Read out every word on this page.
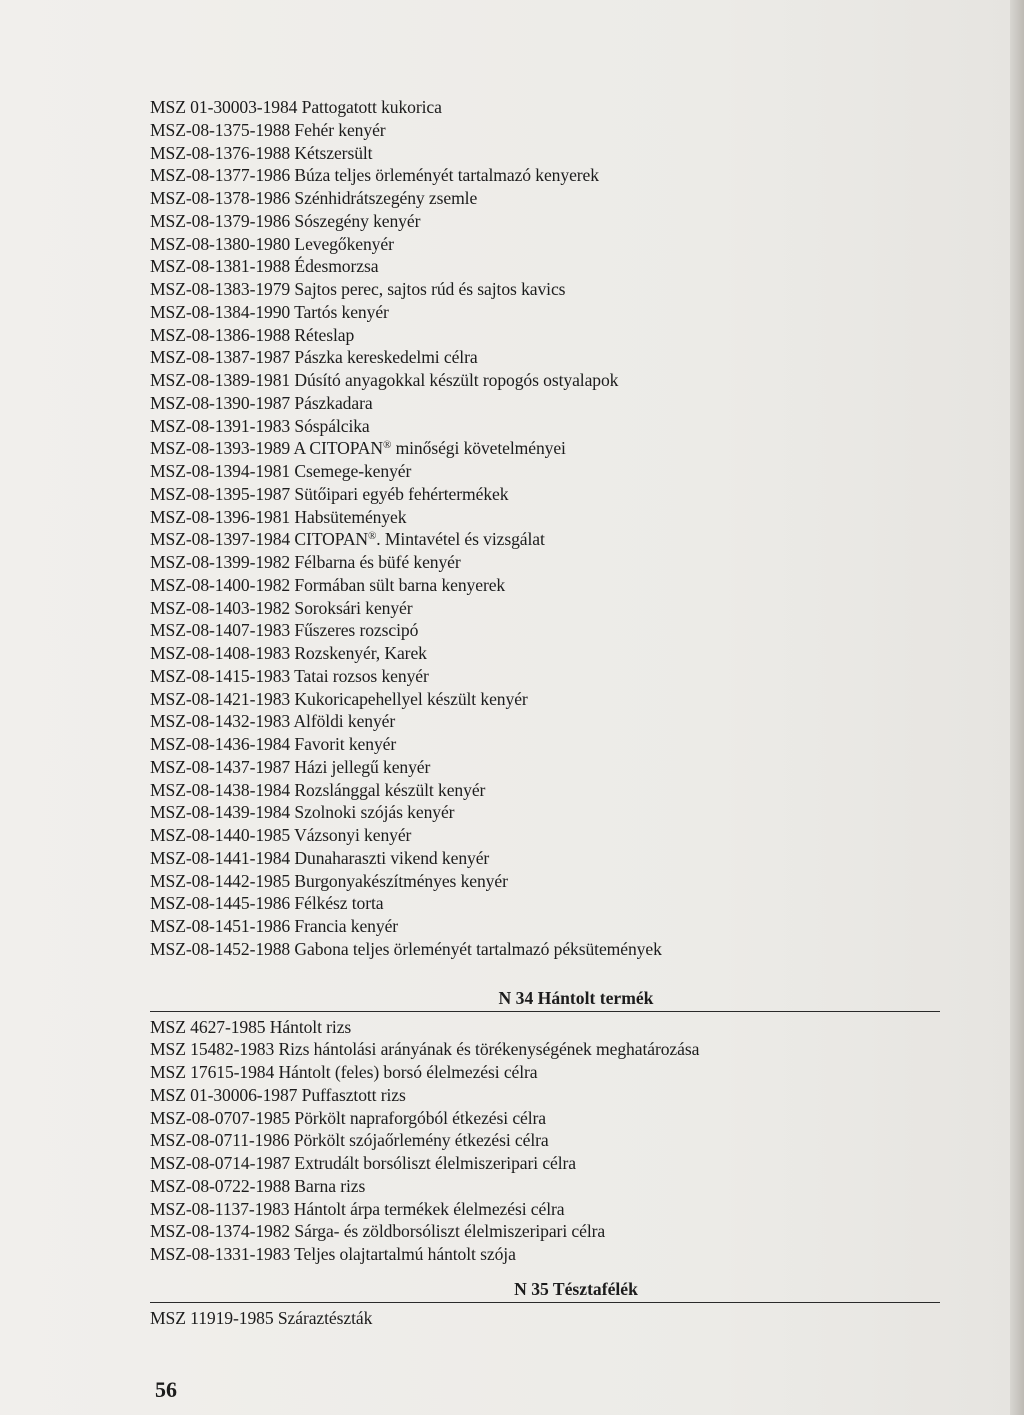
MSZ 01-30003-1984 Pattogatott kukorica
MSZ-08-1375-1988 Fehér kenyér
MSZ-08-1376-1988 Kétszersült
MSZ-08-1377-1986 Búza teljes örleményét tartalmazó kenyerek
MSZ-08-1378-1986 Szénhidrátszegény zsemle
MSZ-08-1379-1986 Sószegény kenyér
MSZ-08-1380-1980 Levegőkenyér
MSZ-08-1381-1988 Édesmorzsa
MSZ-08-1383-1979 Sajtos perec, sajtos rúd és sajtos kavics
MSZ-08-1384-1990 Tartós kenyér
MSZ-08-1386-1988 Réteslap
MSZ-08-1387-1987 Pászka kereskedelmi célra
MSZ-08-1389-1981 Dúsító anyagokkal készült ropogós ostyalapok
MSZ-08-1390-1987 Pászkadara
MSZ-08-1391-1983 Sóspálcika
MSZ-08-1393-1989 A CITOPAN® minőségi követelményei
MSZ-08-1394-1981 Csemege-kenyér
MSZ-08-1395-1987 Sütőipari egyéb fehértermékek
MSZ-08-1396-1981 Habsütemények
MSZ-08-1397-1984 CITOPAN®. Mintavétel és vizsgálat
MSZ-08-1399-1982 Félbarna és büfé kenyér
MSZ-08-1400-1982 Formában sült barna kenyerek
MSZ-08-1403-1982 Soroksári kenyér
MSZ-08-1407-1983 Fűszeres rozscipó
MSZ-08-1408-1983 Rozskenyér, Karek
MSZ-08-1415-1983 Tatai rozsos kenyér
MSZ-08-1421-1983 Kukoricapehellyel készült kenyér
MSZ-08-1432-1983 Alföldi kenyér
MSZ-08-1436-1984 Favorit kenyér
MSZ-08-1437-1987 Házi jellegű kenyér
MSZ-08-1438-1984 Rozslánggal készült kenyér
MSZ-08-1439-1984 Szolnoki szójás kenyér
MSZ-08-1440-1985 Vázsonyi kenyér
MSZ-08-1441-1984 Dunaharaszti vikend kenyér
MSZ-08-1442-1985 Burgonyakészítményes kenyér
MSZ-08-1445-1986 Félkész torta
MSZ-08-1451-1986 Francia kenyér
MSZ-08-1452-1988 Gabona teljes örleményét tartalmazó péksütemények
N 34 Hántolt termék
MSZ 4627-1985 Hántolt rizs
MSZ 15482-1983 Rizs hántolási arányának és törékenységének meghatározása
MSZ 17615-1984 Hántolt (feles) borsó élelmezési célra
MSZ 01-30006-1987 Puffasztott rizs
MSZ-08-0707-1985 Pörkölt napraforgóból étkezési célra
MSZ-08-0711-1986 Pörkölt szójaőrlemény étkezési célra
MSZ-08-0714-1987 Extrudált borsóliszt élelmiszeripari célra
MSZ-08-0722-1988 Barna rizs
MSZ-08-1137-1983 Hántolt árpa termékek élelmezési célra
MSZ-08-1374-1982 Sárga- és zöldborsóliszt élelmiszeripari célra
MSZ-08-1331-1983 Teljes olajtartalmú hántolt szója
N 35 Tésztafélék
MSZ 11919-1985 Száraztészták
56
